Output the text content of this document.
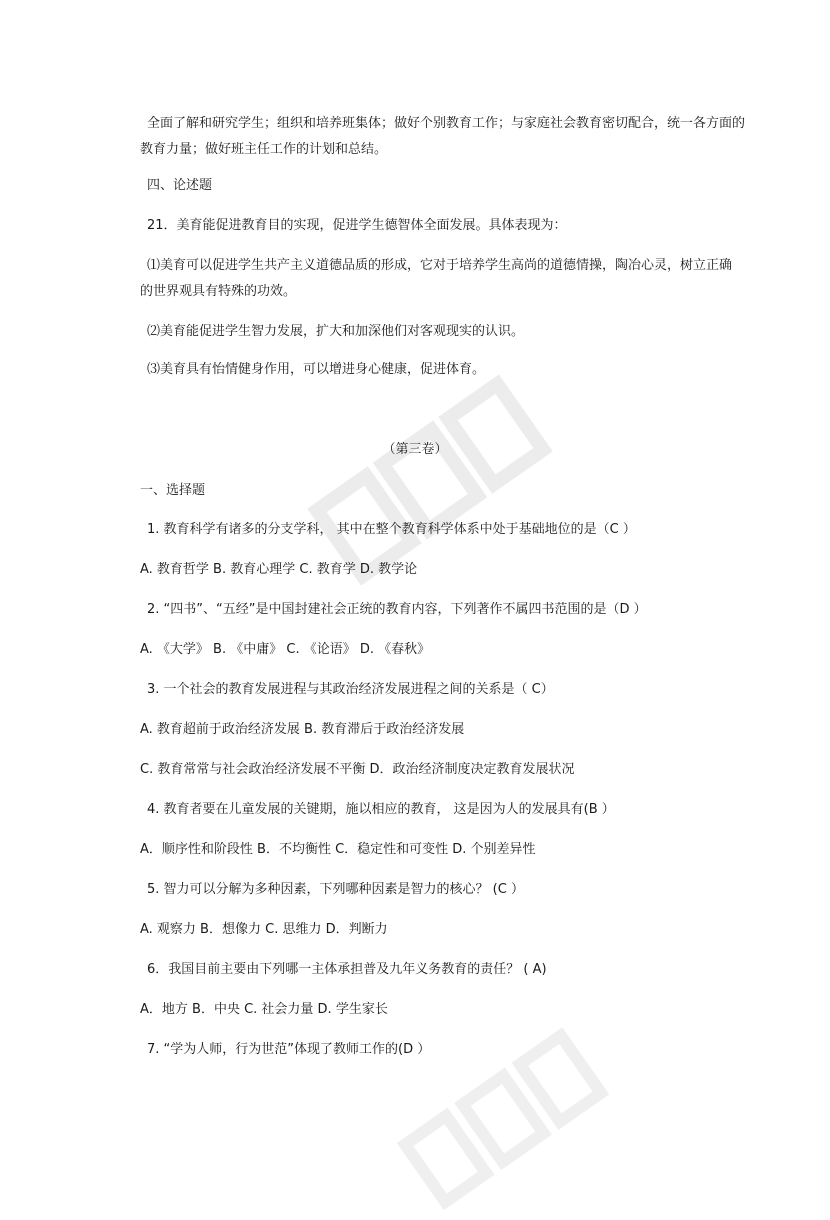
全面了解和研究学生；组织和培养班集体；做好个别教育工作；与家庭社会教育密切配合，统一各方面的
教育力量；做好班主任工作的计划和总结。
四、论述题
21．美育能促进教育目的实现，促进学生德智体全面发展。具体表现为：
⑴美育可以促进学生共产主义道德品质的形成，它对于培养学生高尚的道德情操，陶冶心灵，树立正确
的世界观具有特殊的功效。
⑵美育能促进学生智力发展，扩大和加深他们对客观现实的认识。
⑶美育具有怡情健身作用，可以增进身心健康，促进体育。
（第三卷）
一、选择题
1. 教育科学有诸多的分支学科， 其中在整个教育科学体系中处于基础地位的是（C ）
A. 教育哲学 B. 教育心理学 C. 教育学 D. 教学论
2. “四书”、“五经”是中国封建社会正统的教育内容，下列著作不属四书范围的是（D ）
A. 《大学》 B. 《中庸》 C. 《论语》 D. 《春秋》
3. 一个社会的教育发展进程与其政治经济发展进程之间的关系是（ C）
A. 教育超前于政治经济发展 B. 教育滞后于政治经济发展
C. 教育常常与社会政治经济发展不平衡 D．政治经济制度决定教育发展状况
4. 教育者要在儿童发展的关键期，施以相应的教育， 这是因为人的发展具有(B ）
A．顺序性和阶段性 B．不均衡性 C．稳定性和可变性 D. 个别差异性
5. 智力可以分解为多种因素，下列哪种因素是智力的核心？ (C ）
A. 观察力 B．想像力 C. 思维力 D．判断力
6．我国目前主要由下列哪一主体承担普及九年义务教育的责任？ ( A)
A．地方 B．中央 C. 社会力量 D. 学生家长
7. “学为人师，行为世范”体现了教师工作的(D ）
